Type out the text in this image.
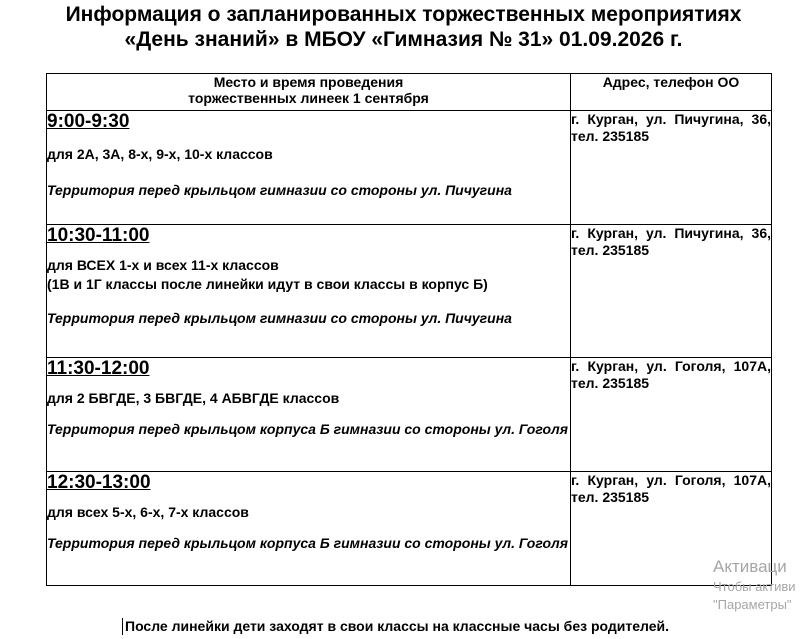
Информация о запланированных торжественных мероприятиях
«День знаний» в МБОУ «Гимназия № 31» 01.09.2026 г.
Место и время проведения
торжественных линеек 1 сентября	Адрес, телефон ОО
9:00-9:30
для 2А, 3А, 8-х, 9-х, 10-х классов
Территория перед крыльцом гимназии со стороны ул. Пичугина	г. Курган, ул. Пичугина, 36, тел. 235185
10:30-11:00
для ВСЕХ 1-х и всех 11-х классов
(1В и 1Г классы после линейки идут в свои классы в корпус Б)
Территория перед крыльцом гимназии со стороны ул. Пичугина	г. Курган, ул. Пичугина, 36, тел. 235185
11:30-12:00
для 2 БВГДЕ, 3 БВГДЕ, 4 АБВГДЕ классов
Территория перед крыльцом корпуса Б гимназии со стороны ул. Гоголя	г. Курган, ул. Гоголя, 107А, тел. 235185
12:30-13:00
для всех 5-х, 6-х, 7-х классов
Территория перед крыльцом корпуса Б гимназии со стороны ул. Гоголя	г. Курган, ул. Гоголя, 107А, тел. 235185
После линейки дети заходят в свои классы на классные часы без родителей.
Активаци
Чтобы активи
"Параметры"
